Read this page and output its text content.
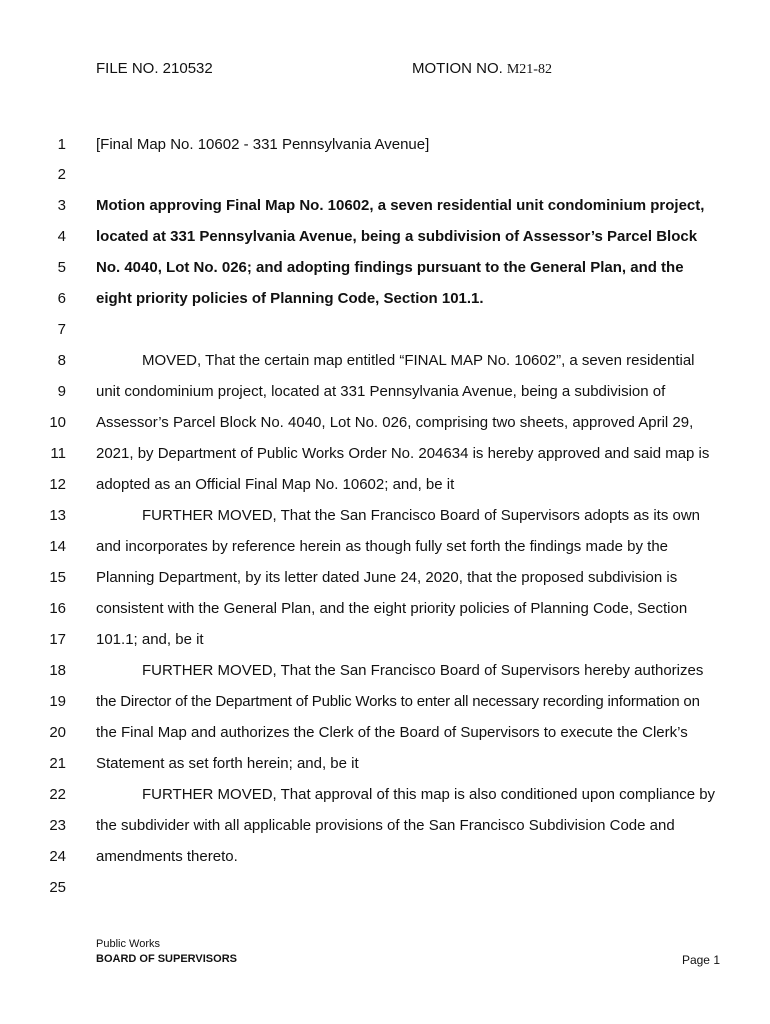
FILE NO. 210532	MOTION NO. M21-82
1
2
3
4
5
6
7
8
9
10
11
12
13
14
15
16
17
18
19
20
21
22
23
24
25
[Final Map No. 10602 - 331 Pennsylvania Avenue]
Motion approving Final Map No. 10602, a seven residential unit condominium project,
located at 331 Pennsylvania Avenue, being a subdivision of Assessor’s Parcel Block
No. 4040, Lot No. 026; and adopting findings pursuant to the General Plan, and the
eight priority policies of Planning Code, Section 101.1.
MOVED, That the certain map entitled “FINAL MAP No. 10602”, a seven residential
unit condominium project, located at 331 Pennsylvania Avenue, being a subdivision of
Assessor’s Parcel Block No. 4040, Lot No. 026, comprising two sheets, approved April 29,
2021, by Department of Public Works Order No. 204634 is hereby approved and said map is
adopted as an Official Final Map No. 10602; and, be it
FURTHER MOVED, That the San Francisco Board of Supervisors adopts as its own
and incorporates by reference herein as though fully set forth the findings made by the
Planning Department, by its letter dated June 24, 2020, that the proposed subdivision is
consistent with the General Plan, and the eight priority policies of Planning Code, Section
101.1; and, be it
FURTHER MOVED, That the San Francisco Board of Supervisors hereby authorizes
the Director of the Department of Public Works to enter all necessary recording information on
the Final Map and authorizes the Clerk of the Board of Supervisors to execute the Clerk’s
Statement as set forth herein; and, be it
FURTHER MOVED, That approval of this map is also conditioned upon compliance by
the subdivider with all applicable provisions of the San Francisco Subdivision Code and
amendments thereto.
Public Works
BOARD OF SUPERVISORS	Page 1
